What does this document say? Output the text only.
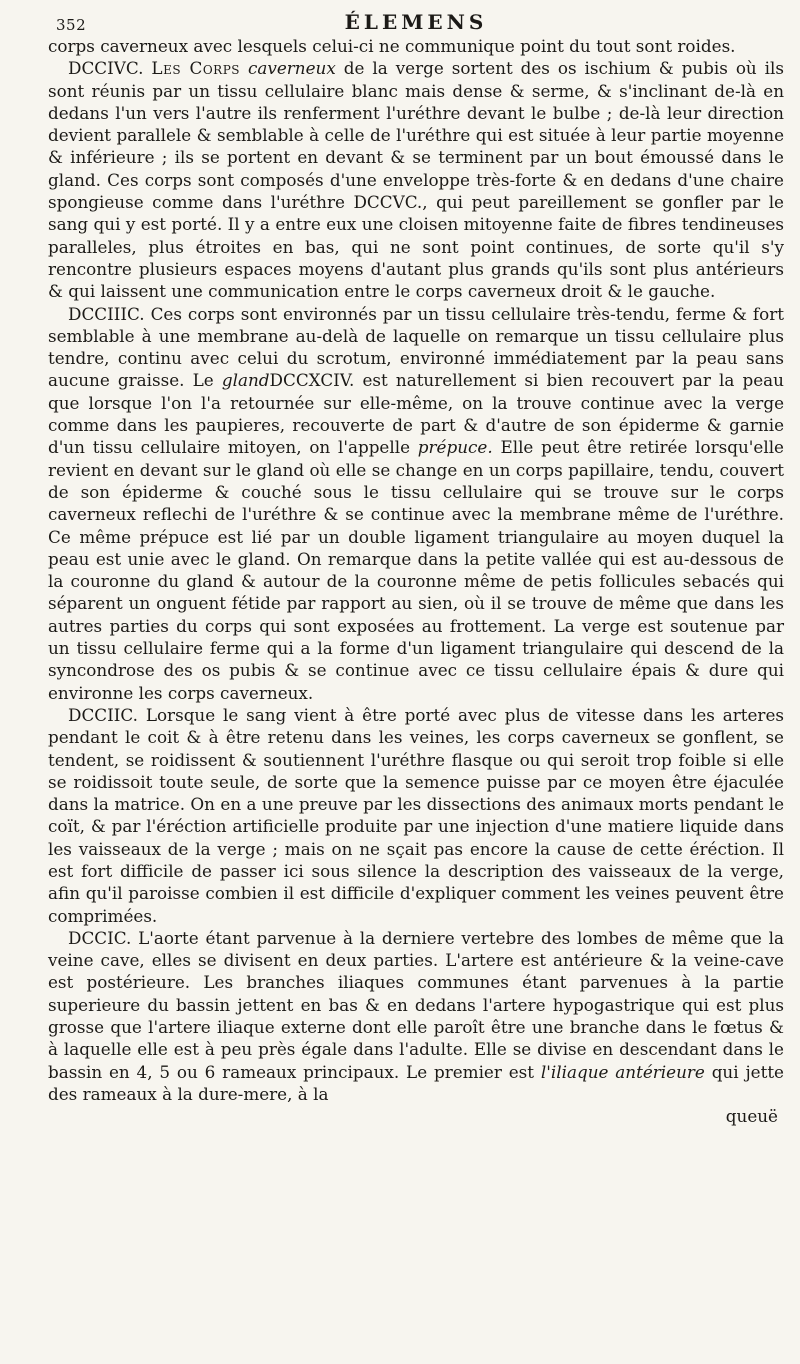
352	ÉLEMENS

corps caverneux avec lesquels celui-ci ne communique point du tout sont roides.

DCCIVC. Les Corps caverneux de la verge sortent des os ischium & pubis où ils sont réunis par un tissu cellulaire blanc mais dense & serme, & s'inclinant de-là en dedans l'un vers l'autre ils renferment l'uréthre devant le bulbe ; de-là leur direction devient parallele & semblable à celle de l'uréthre qui est située à leur partie moyenne & inférieure ; ils se portent en devant & se terminent par un bout émoussé dans le gland. Ces corps sont composés d'une enveloppe très-forte & en dedans d'une chaire spongieuse comme dans l'uréthre DCCVC., qui peut pareillement se gonfler par le sang qui y est porté. Il y a entre eux une cloisen mitoyenne faite de fibres tendineuses paralleles, plus étroites en bas, qui ne sont point continues, de sorte qu'il s'y rencontre plusieurs espaces moyens d'autant plus grands qu'ils sont plus antérieurs & qui laissent une communication entre le corps caverneux droit & le gauche.

DCCIIIC. Ces corps sont environnés par un tissu cellulaire très-tendu, ferme & fort semblable à une membrane au-delà de laquelle on remarque un tissu cellulaire plus tendre, continu avec celui du scrotum, environné immédiatement par la peau sans aucune graisse. Le glandDCCXCIV. est naturellement si bien recouvert par la peau que lorsque l'on l'a retournée sur elle-même, on la trouve continue avec la verge comme dans les paupieres, recouverte de part & d'autre de son épiderme & garnie d'un tissu cellulaire mitoyen, on l'appelle prépuce. Elle peut être retirée lorsqu'elle revient en devant sur le gland où elle se change en un corps papillaire, tendu, couvert de son épiderme & couché sous le tissu cellulaire qui se trouve sur le corps caverneux reflechi de l'uréthre & se continue avec la membrane même de l'uréthre. Ce même prépuce est lié par un double ligament triangulaire au moyen duquel la peau est unie avec le gland. On remarque dans la petite vallée qui est au-dessous de la couronne du gland & autour de la couronne même de petis follicules sebacés qui séparent un onguent fétide par rapport au sien, où il se trouve de même que dans les autres parties du corps qui sont exposées au frottement. La verge est soutenue par un tissu cellulaire ferme qui a la forme d'un ligament triangulaire qui descend de la syncondrose des os pubis & se continue avec ce tissu cellulaire épais & dure qui environne les corps caverneux.

DCCIIC. Lorsque le sang vient à être porté avec plus de vitesse dans les arteres pendant le coit & à être retenu dans les veines, les corps caverneux se gonflent, se tendent, se roidissent & soutiennent l'uréthre flasque ou qui seroit trop foible si elle se roidissoit toute seule, de sorte que la semence puisse par ce moyen être éjaculée dans la matrice. On en a une preuve par les dissections des animaux morts pendant le coït, & par l'éréction artificielle produite par une injection d'une matiere liquide dans les vaisseaux de la verge ; mais on ne sçait pas encore la cause de cette éréction. Il est fort difficile de passer ici sous silence la description des vaisseaux de la verge, afin qu'il paroisse combien il est difficile d'expliquer comment les veines peuvent être comprimées.

DCCIC. L'aorte étant parvenue à la derniere vertebre des lombes de même que la veine cave, elles se divisent en deux parties. L'artere est antérieure & la veine-cave est postérieure. Les branches iliaques communes étant parvenues à la partie superieure du bassin jettent en bas & en dedans l'artere hypogastrique qui est plus grosse que l'artere iliaque externe dont elle paroît être une branche dans le fœtus & à laquelle elle est à peu près égale dans l'adulte. Elle se divise en descendant dans le bassin en 4, 5 ou 6 rameaux principaux. Le premier est l'iliaque antérieure qui jette des rameaux à la dure-mere, à la

queuë
